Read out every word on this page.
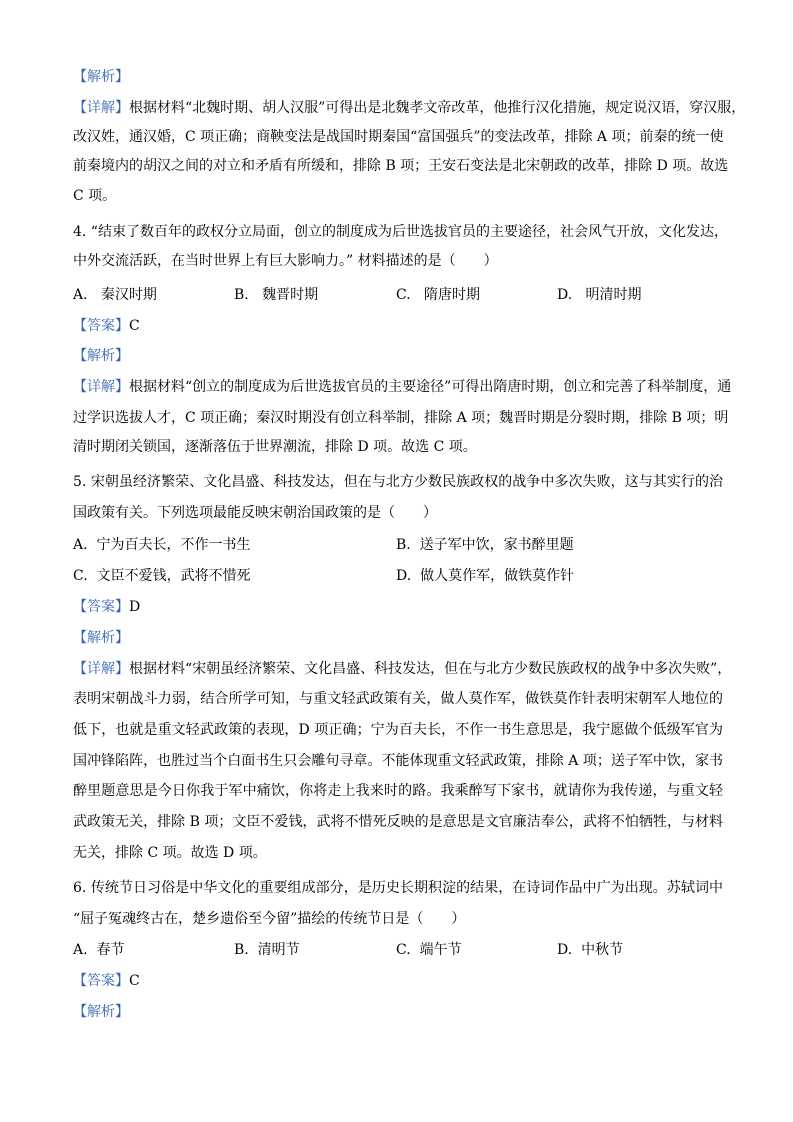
【解析】
【详解】根据材料“北魏时期、胡人汉服”可得出是北魏孝文帝改革，他推行汉化措施，规定说汉语，穿汉服，
改汉姓，通汉婚，C 项正确；商鞅变法是战国时期秦国“富国强兵”的变法改革，排除 A 项；前秦的统一使
前秦境内的胡汉之间的对立和矛盾有所缓和，排除 B 项；王安石变法是北宋朝政的改革，排除 D 项。故选
C 项。
4. “结束了数百年的政权分立局面，创立的制度成为后世选拔官员的主要途径，社会风气开放，文化发达，
中外交流活跃，在当时世界上有巨大影响力。” 材料描述的是（　　）
A. 秦汉时期	B. 魏晋时期	C. 隋唐时期	D. 明清时期
【答案】C
【解析】
【详解】根据材料“创立的制度成为后世选拔官员的主要途径”可得出隋唐时期，创立和完善了科举制度，通
过学识选拔人才，C 项正确；秦汉时期没有创立科举制，排除 A 项；魏晋时期是分裂时期，排除 B 项；明
清时期闭关锁国，逐渐落伍于世界潮流，排除 D 项。故选 C 项。
5. 宋朝虽经济繁荣、文化昌盛、科技发达，但在与北方少数民族政权的战争中多次失败，这与其实行的治
国政策有关。下列选项最能反映宋朝治国政策的是（　　）
A. 宁为百夫长，不作一书生	B. 送子军中饮，家书醉里题
C. 文臣不爱钱，武将不惜死	D. 做人莫作军，做铁莫作针
【答案】D
【解析】
【详解】根据材料“宋朝虽经济繁荣、文化昌盛、科技发达，但在与北方少数民族政权的战争中多次失败”，
表明宋朝战斗力弱，结合所学可知，与重文轻武政策有关，做人莫作军，做铁莫作针表明宋朝军人地位的
低下，也就是重文轻武政策的表现，D 项正确；宁为百夫长，不作一书生意思是，我宁愿做个低级军官为
国冲锋陷阵，也胜过当个白面书生只会雕句寻章。不能体现重文轻武政策，排除 A 项；送子军中饮，家书
醉里题意思是今日你我于军中痛饮，你将走上我来时的路。我乘醉写下家书，就请你为我传递，与重文轻
武政策无关，排除 B 项；文臣不爱钱，武将不惜死反映的是意思是文官廉洁奉公，武将不怕牺牲，与材料
无关，排除 C 项。故选 D 项。
6. 传统节日习俗是中华文化的重要组成部分，是历史长期积淀的结果，在诗词作品中广为出现。苏轼词中
“屈子冤魂终古在，楚乡遗俗至今留”描绘的传统节日是（　　）
A. 春节	B. 清明节	C. 端午节	D. 中秋节
【答案】C
【解析】
